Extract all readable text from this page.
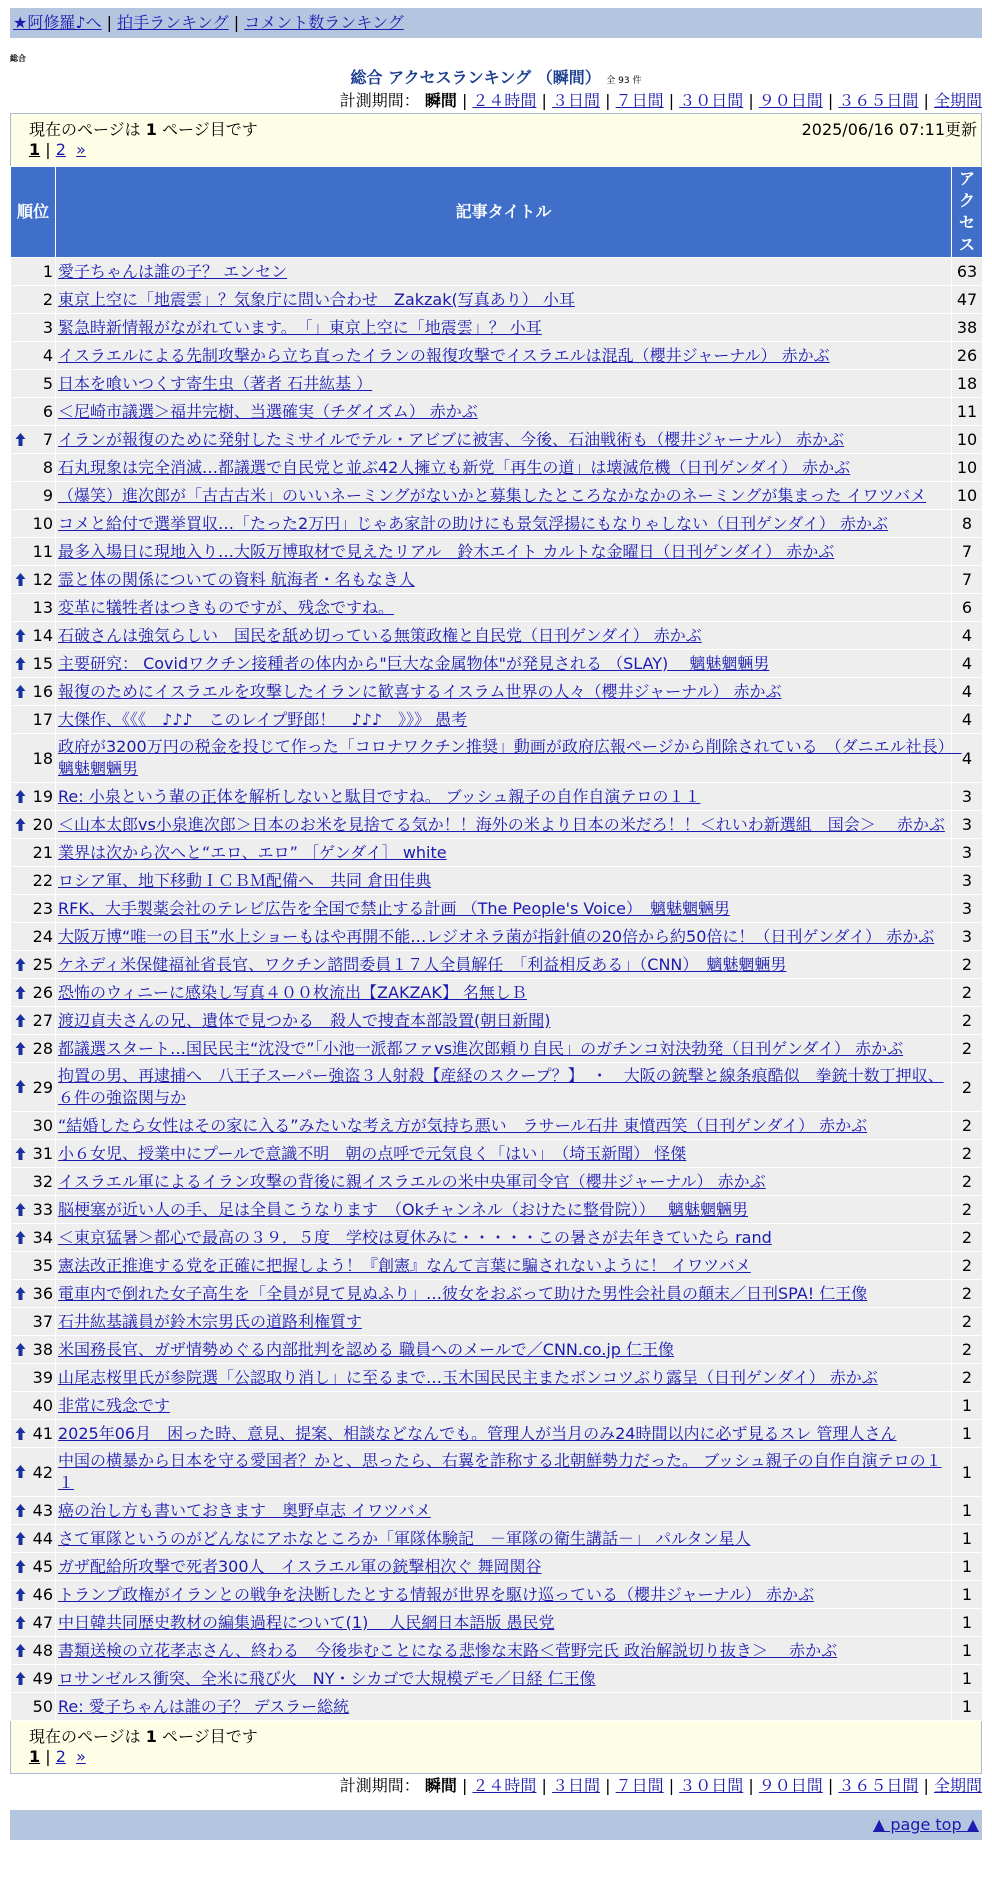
★阿修羅♪へ | 拍手ランキング | コメント数ランキング
総合
総合 アクセスランキング （瞬間） 全 93 件
計測期間： 瞬間 | ２４時間 | ３日間 | ７日間 | ３０日間 | ９０日間 | ３６５日間 | 全期間
現在のページは 1 ページ目です	2025/06/16 07:11更新
1 | 2 »
順位	記事タイトル	アクセス
1	愛子ちゃんは誰の子？ エンセン	63
2	東京上空に「地震雲」？気象庁に問い合わせ　Zakzak(写真あり） 小耳	47
3	緊急時新情報がながれています。　「」東京上空に「地震雲」？ 小耳	38
4	イスラエルによる先制攻撃から立ち直ったイランの報復攻撃でイスラエルは混乱（櫻井ジャーナル） 赤かぶ	26
5	日本を喰いつくす寄生虫（著者 石井紘基 ）	18
6	＜尼崎市議選＞福井完樹、当選確実（チダイズム） 赤かぶ	11

7	イランが報復のために発射したミサイルでテル・アビブに被害、今後、石油戦術も（櫻井ジャーナル） 赤かぶ	10
8	石丸現象は完全消滅…都議選で自民党と並ぶ42人擁立も新党「再生の道」は壊滅危機（日刊ゲンダイ） 赤かぶ	10
9	（爆笑）進次郎が「古古古米」のいいネーミングがないかと募集したところなかなかのネーミングが集まった イワツバメ	10
10	コメと給付で選挙買収…「たった2万円」じゃあ家計の助けにも景気浮揚にもなりゃしない（日刊ゲンダイ） 赤かぶ	8
11	最多入場日に現地入り…大阪万博取材で見えたリアル　鈴木エイト カルトな金曜日（日刊ゲンダイ） 赤かぶ	7

12	霊と体の関係についての資料 航海者・名もなき人	7
13	変革に犠牲者はつきものですが、残念ですね。	6

14	石破さんは強気らしい　国民を舐め切っている無策政権と自民党（日刊ゲンダイ） 赤かぶ	4

15	主要研究： Covidワクチン接種者の体内から"巨大な金属物体"が発見される （SLAY)　 魑魅魍魎男	4

16	報復のためにイスラエルを攻撃したイランに歓喜するイスラム世界の人々（櫻井ジャーナル） 赤かぶ	4
17	大傑作、《《《　♪♪♪　このレイプ野郎！　♪♪♪　》》》 愚考	4
18	政府が3200万円の税金を投じて作った「コロナワクチン推奨」動画が政府広報ページから削除されている　（ダニエル社長）　魑魅魍魎男	4

19	Re: 小泉という輩の正体を解析しないと駄目ですね。 ブッシュ親子の自作自演テロの１１	3

20	＜山本太郎vs小泉進次郎＞日本のお米を見捨てる気か！！海外の米より日本の米だろ！！＜れいわ新選組　国会＞　 赤かぶ	3
21	業界は次から次へと“エロ、エロ” ［ゲンダイ］ white	3
22	ロシア軍、地下移動ＩＣＢＭ配備へ　共同 倉田佳典	3
23	RFK、大手製薬会社のテレビ広告を全国で禁止する計画 （The People's Voice）　魑魅魍魎男	3
24	大阪万博“唯一の目玉”水上ショーもはや再開不能…レジオネラ菌が指針値の20倍から約50倍に！（日刊ゲンダイ） 赤かぶ	3

25	ケネディ米保健福祉省長官、ワクチン諮問委員１７人全員解任　「利益相反ある」（CNN）　魑魅魍魎男	2

26	恐怖のウィニーに感染し写真４００枚流出【ZAKZAK】 名無しＢ	2

27	渡辺貞夫さんの兄、遺体で見つかる　殺人で捜査本部設置(朝日新聞)	2

28	都議選スタート…国民民主“沈没で”「小池一派都ファvs進次郎頼り自民」のガチンコ対決勃発（日刊ゲンダイ） 赤かぶ	2

29	拘置の男、再逮捕へ　八王子スーパー強盗３人射殺【産経のスクープ？】　・　大阪の銃撃と線条痕酷似　拳銃十数丁押収、６件の強盗関与か	2
30	“結婚したら女性はその家に入る”みたいな考え方が気持ち悪い　ラサール石井 東憤西笑（日刊ゲンダイ） 赤かぶ	2

31	小６女児、授業中にプールで意識不明　朝の点呼で元気良く「はい」　（埼玉新聞） 怪傑	2
32	イスラエル軍によるイラン攻撃の背後に親イスラエルの米中央軍司令官（櫻井ジャーナル） 赤かぶ	2

33	脳梗塞が近い人の手、足は全員こうなります　（Okチャンネル（おけたに整骨院））　 魑魅魍魎男	2

34	＜東京猛暑＞都心で最高の３９．５度　学校は夏休みに・・・・・この暑さが去年きていたら rand	2
35	憲法改正推進する党を正確に把握しよう！『創憲』なんて言葉に騙されないように！ イワツバメ	2

36	電車内で倒れた女子高生を「全員が見て見ぬふり」…彼女をおぶって助けた男性会社員の顛末／日刊SPA! 仁王像	2
37	石井紘基議員が鈴木宗男氏の道路利権質す	2

38	米国務長官、ガザ情勢めぐる内部批判を認める 職員へのメールで／CNN.co.jp 仁王像	2
39	山尾志桜里氏が参院選「公認取り消し」に至るまで…玉木国民民主またボンコツぶり露呈（日刊ゲンダイ） 赤かぶ	2
40	非常に残念です	1

41	2025年06月　困った時、意見、提案、相談などなんでも。管理人が当月のみ24時間以内に必ず見るスレ 管理人さん	1

42	中国の横暴から日本を守る愛国者？かと、思ったら、右翼を詐称する北朝鮮勢力だった。 ブッシュ親子の自作自演テロの１１	1

43	癌の治し方も書いておきます　奥野卓志 イワツバメ	1

44	さて軍隊というのがどんなにアホなところか「軍隊体験記　－軍隊の衛生講話－」 パルタン星人	1

45	ガザ配給所攻撃で死者300人　イスラエル軍の銃撃相次ぐ 舞岡関谷	1

46	トランプ政権がイランとの戦争を決断したとする情報が世界を駆け巡っている（櫻井ジャーナル） 赤かぶ	1

47	中日韓共同歴史教材の編集過程について(1)　 人民網日本語版 愚民党	1

48	書類送検の立花孝志さん、終わる　今後歩むことになる悲惨な末路＜菅野完氏 政治解説切り抜き＞　 赤かぶ	1

49	ロサンゼルス衝突、全米に飛び火　NY・シカゴで大規模デモ／日経 仁王像	1
50	Re: 愛子ちゃんは誰の子？ デスラー総統	1
現在のページは 1 ページ目です
1 | 2 »
計測期間： 瞬間 | ２４時間 | ３日間 | ７日間 | ３０日間 | ９０日間 | ３６５日間 | 全期間
▲ page top ▲
